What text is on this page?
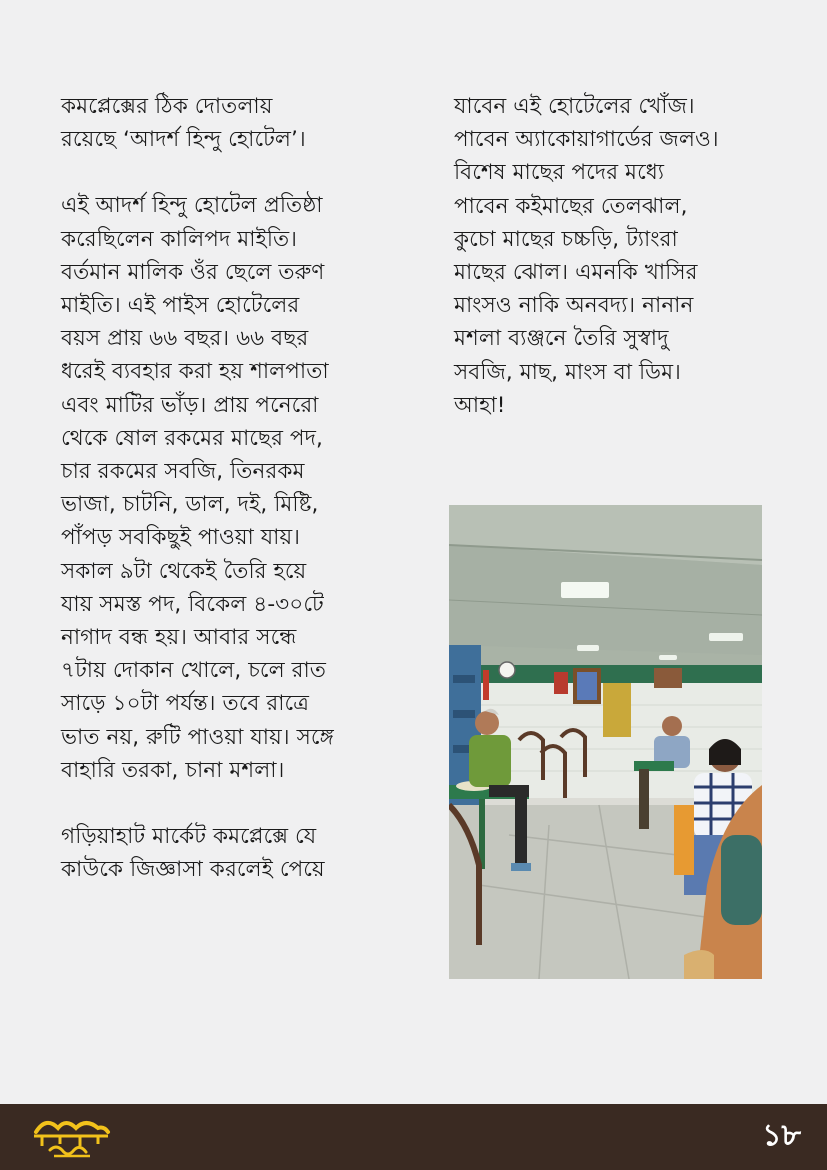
কমপ্লেক্সের ঠিক দোতলায়

রয়েছে ‘আদর্শ হিন্দু হোটেল’।

এই আদর্শ হিন্দু হোটেল প্রতিষ্ঠা

করেছিলেন কালিপদ মাইতি।

বর্তমান মালিক ওঁর ছেলে তরুণ

মাইতি। এই পাইস হোটেলের

বয়স প্রায় ৬৬ বছর। ৬৬ বছর

ধরেই ব্যবহার করা হয় শালপাতা

এবং মাটির ভাঁড়। প্রায় পনেরো

থেকে ষোল রকমের মাছের পদ,

চার রকমের সবজি, তিনরকম

ভাজা, চাটনি, ডাল, দই, মিষ্টি,

পাঁপড় সবকিছুই পাওয়া যায়।

সকাল ৯টা থেকেই তৈরি হয়ে

যায় সমস্ত পদ, বিকেল ৪-৩০টে

নাগাদ বন্ধ হয়। আবার সন্ধে

৭টায় দোকান খোলে, চলে রাত

সাড়ে ১০টা পর্যন্ত। তবে রাত্রে

ভাত নয়, রুটি পাওয়া যায়। সঙ্গে

বাহারি তরকা, চানা মশলা।

গড়িয়াহাট মার্কেট কমপ্লেক্সে যে

কাউকে জিজ্ঞাসা করলেই পেয়ে

যাবেন এই হোটেলের খোঁজ।

পাবেন অ্যাকোয়াগার্ডের জলও।

বিশেষ মাছের পদের মধ্যে

পাবেন কইমাছের তেলঝাল,

কুচো মাছের চচ্চড়ি, ট্যাংরা

মাছের ঝোল। এমনকি খাসির

মাংসও নাকি অনবদ্য। নানান

মশলা ব্যঞ্জনে তৈরি সুস্বাদু

সবজি, মাছ, মাংস বা ডিম।

আহা!

১৮
